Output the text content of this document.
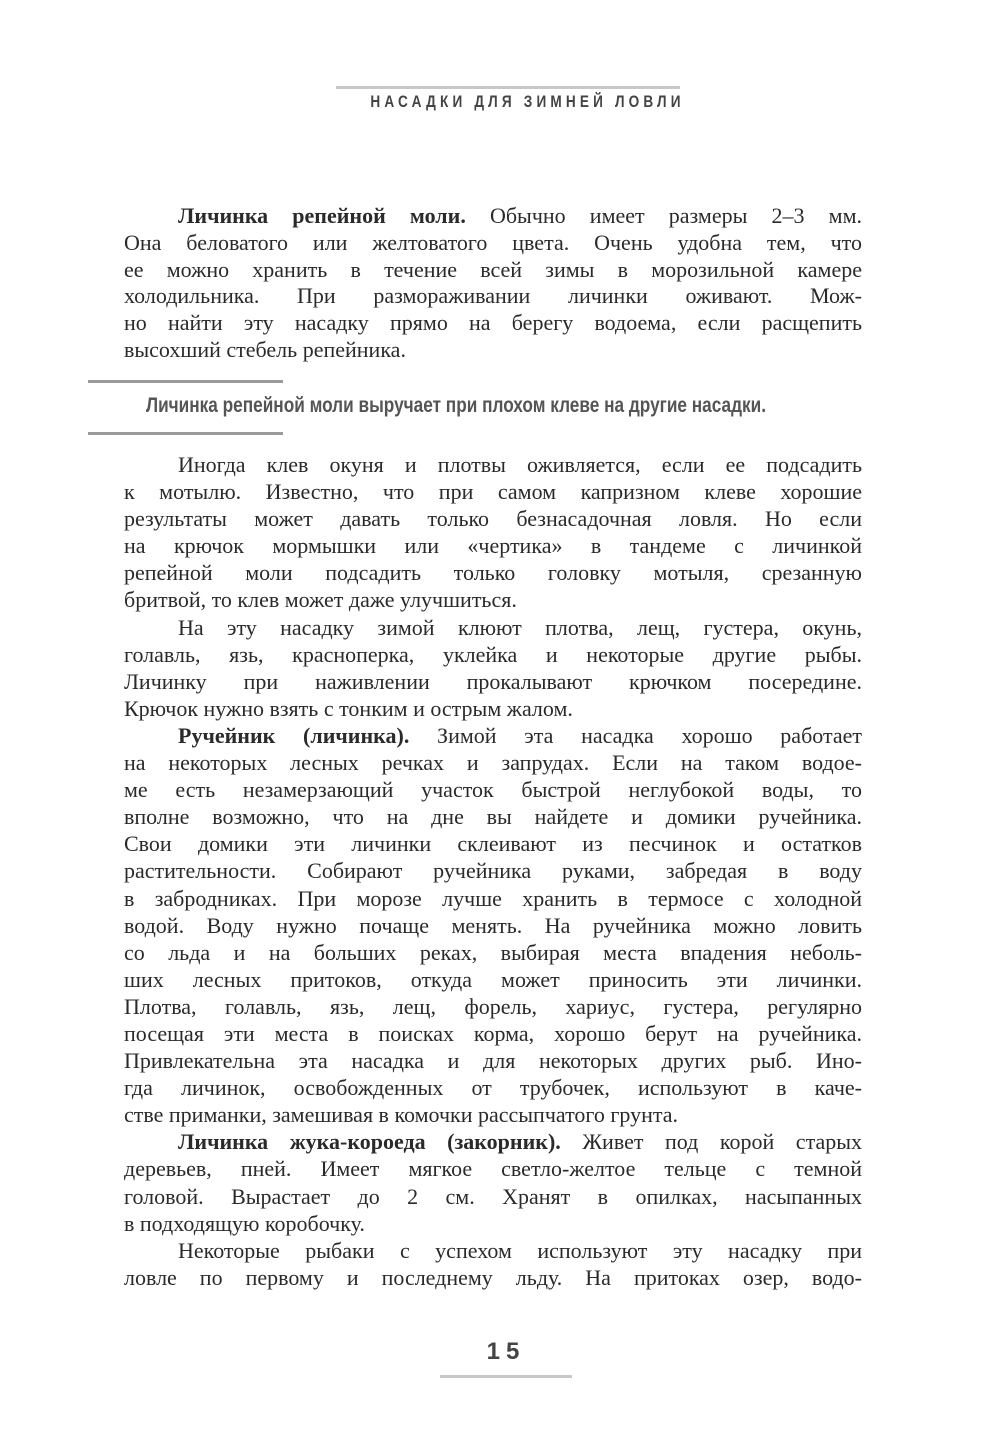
НАСАДКИ ДЛЯ ЗИМНЕЙ ЛОВЛИ
Личинка репейной моли. Обычно имеет размеры 2–3 мм.
Она беловатого или желтоватого цвета. Очень удобна тем, что
ее можно хранить в течение всей зимы в морозильной камере
холодильника. При размораживании личинки оживают. Мож-
но найти эту насадку прямо на берегу водоема, если расщепить
высохший стебель репейника.
Личинка репейной моли выручает при плохом клеве на другие насадки.
Иногда клев окуня и плотвы оживляется, если ее подсадить
к мотылю. Известно, что при самом капризном клеве хорошие
результаты может давать только безнасадочная ловля. Но если
на крючок мормышки или «чертика» в тандеме с личинкой
репейной моли подсадить только головку мотыля, срезанную
бритвой, то клев может даже улучшиться.
На эту насадку зимой клюют плотва, лещ, густера, окунь,
голавль, язь, красноперка, уклейка и некоторые другие рыбы.
Личинку при наживлении прокалывают крючком посередине.
Крючок нужно взять с тонким и острым жалом.
Ручейник (личинка). Зимой эта насадка хорошо работает
на некоторых лесных речках и запрудах. Если на таком водое-
ме есть незамерзающий участок быстрой неглубокой воды, то
вполне возможно, что на дне вы найдете и домики ручейника.
Свои домики эти личинки склеивают из песчинок и остатков
растительности. Собирают ручейника руками, забредая в воду
в забродниках. При морозе лучше хранить в термосе с холодной
водой. Воду нужно почаще менять. На ручейника можно ловить
со льда и на больших реках, выбирая места впадения неболь-
ших лесных притоков, откуда может приносить эти личинки.
Плотва, голавль, язь, лещ, форель, хариус, густера, регулярно
посещая эти места в поисках корма, хорошо берут на ручейника.
Привлекательна эта насадка и для некоторых других рыб. Ино-
гда личинок, освобожденных от трубочек, используют в каче-
стве приманки, замешивая в комочки рассыпчатого грунта.
Личинка жука-короеда (закорник). Живет под корой старых
деревьев, пней. Имеет мягкое светло-желтое тельце с темной
головой. Вырастает до 2 см. Хранят в опилках, насыпанных
в подходящую коробочку.
Некоторые рыбаки с успехом используют эту насадку при
ловле по первому и последнему льду. На притоках озер, водо-
15
